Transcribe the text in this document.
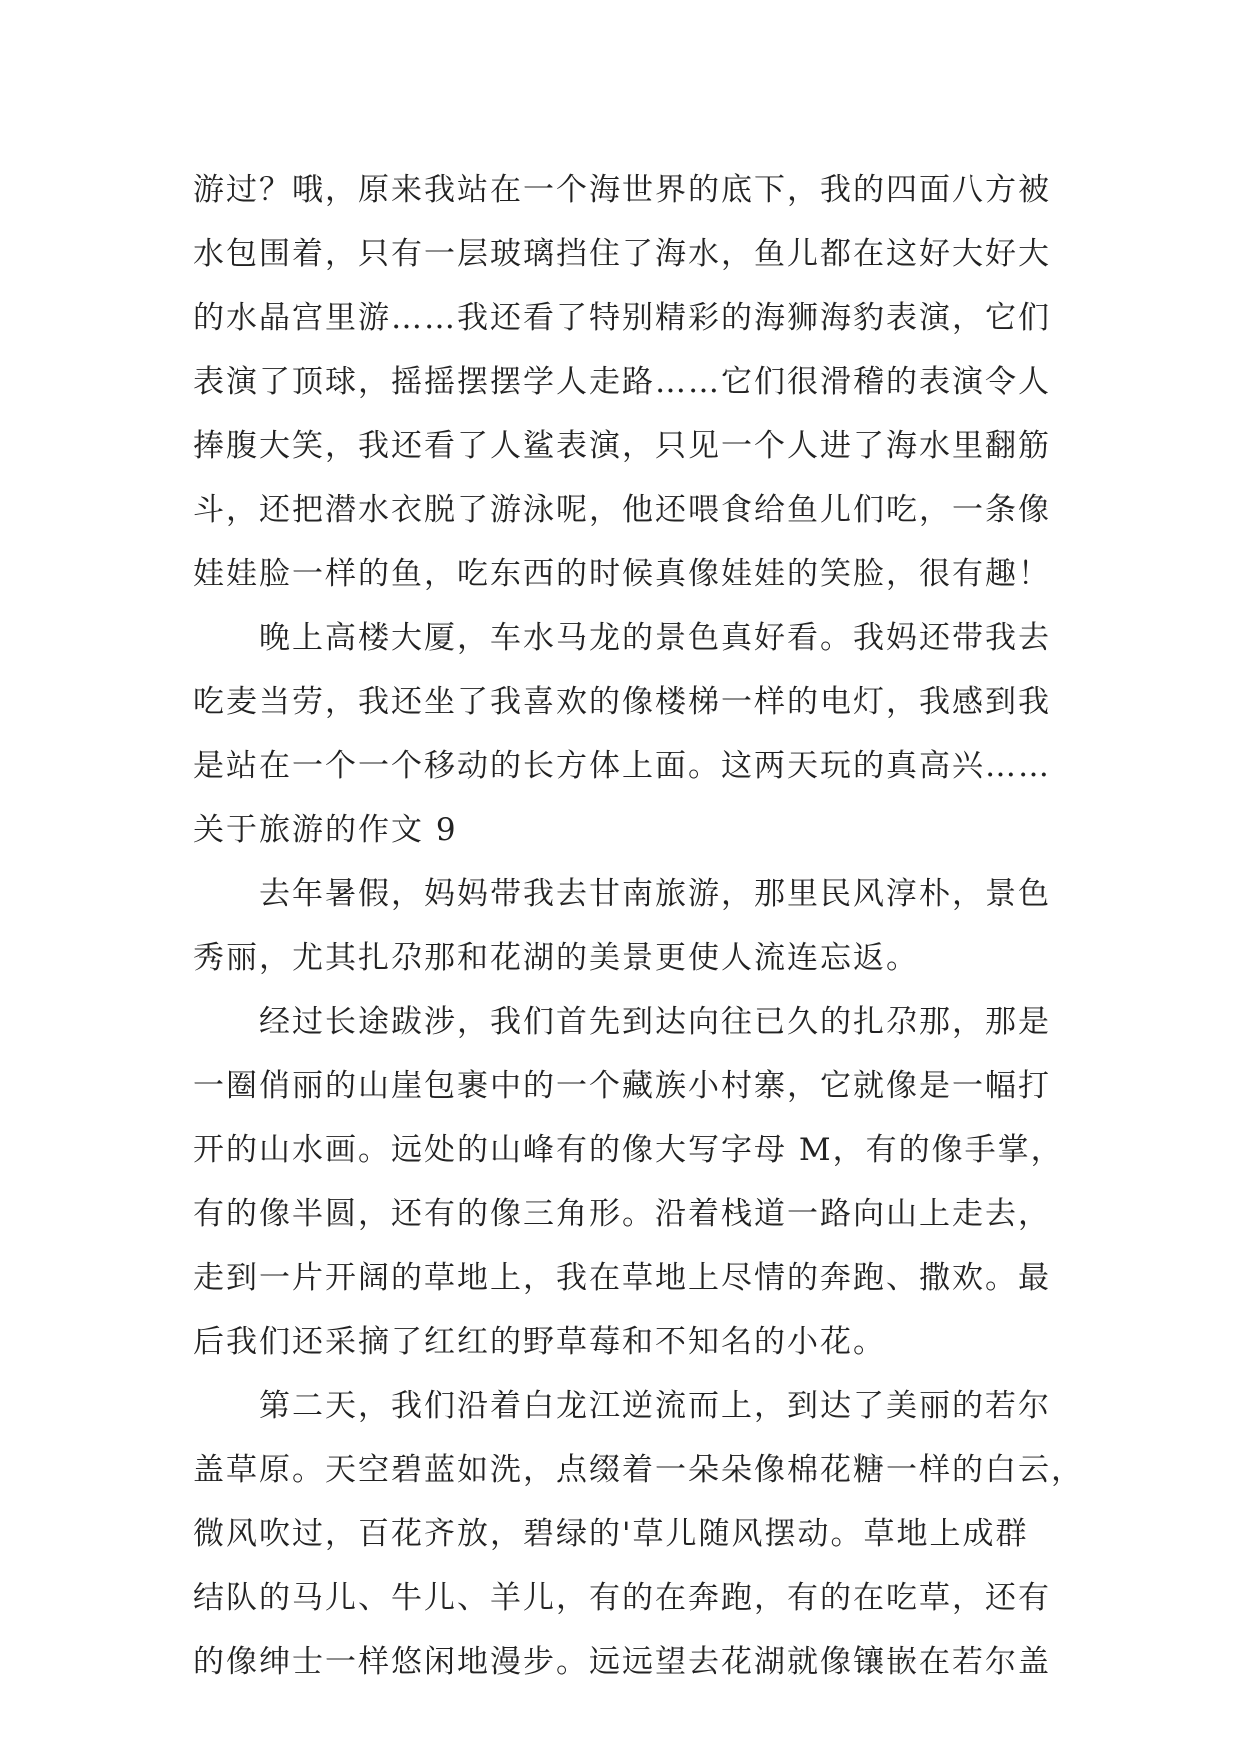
游过？哦，原来我站在一个海世界的底下，我的四面八方被
水包围着，只有一层玻璃挡住了海水，鱼儿都在这好大好大
的水晶宫里游……我还看了特别精彩的海狮海豹表演，它们
表演了顶球，摇摇摆摆学人走路……它们很滑稽的表演令人
捧腹大笑，我还看了人鲨表演，只见一个人进了海水里翻筋
斗，还把潜水衣脱了游泳呢，他还喂食给鱼儿们吃，一条像
娃娃脸一样的鱼，吃东西的时候真像娃娃的笑脸，很有趣！
　　晚上高楼大厦，车水马龙的景色真好看。我妈还带我去
吃麦当劳，我还坐了我喜欢的像楼梯一样的电灯，我感到我
是站在一个一个移动的长方体上面。这两天玩的真高兴……
关于旅游的作文 9
　　去年暑假，妈妈带我去甘南旅游，那里民风淳朴，景色
秀丽，尤其扎尕那和花湖的美景更使人流连忘返。
　　经过长途跋涉，我们首先到达向往已久的扎尕那，那是
一圈俏丽的山崖包裹中的一个藏族小村寨，它就像是一幅打
开的山水画。远处的山峰有的像大写字母 M，有的像手掌，
有的像半圆，还有的像三角形。沿着栈道一路向山上走去，
走到一片开阔的草地上，我在草地上尽情的奔跑、撒欢。最
后我们还采摘了红红的野草莓和不知名的小花。
　　第二天，我们沿着白龙江逆流而上，到达了美丽的若尔
盖草原。天空碧蓝如洗，点缀着一朵朵像棉花糖一样的白云，
微风吹过，百花齐放，碧绿的'草儿随风摆动。草地上成群
结队的马儿、牛儿、羊儿，有的在奔跑，有的在吃草，还有
的像绅士一样悠闲地漫步。远远望去花湖就像镶嵌在若尔盖
